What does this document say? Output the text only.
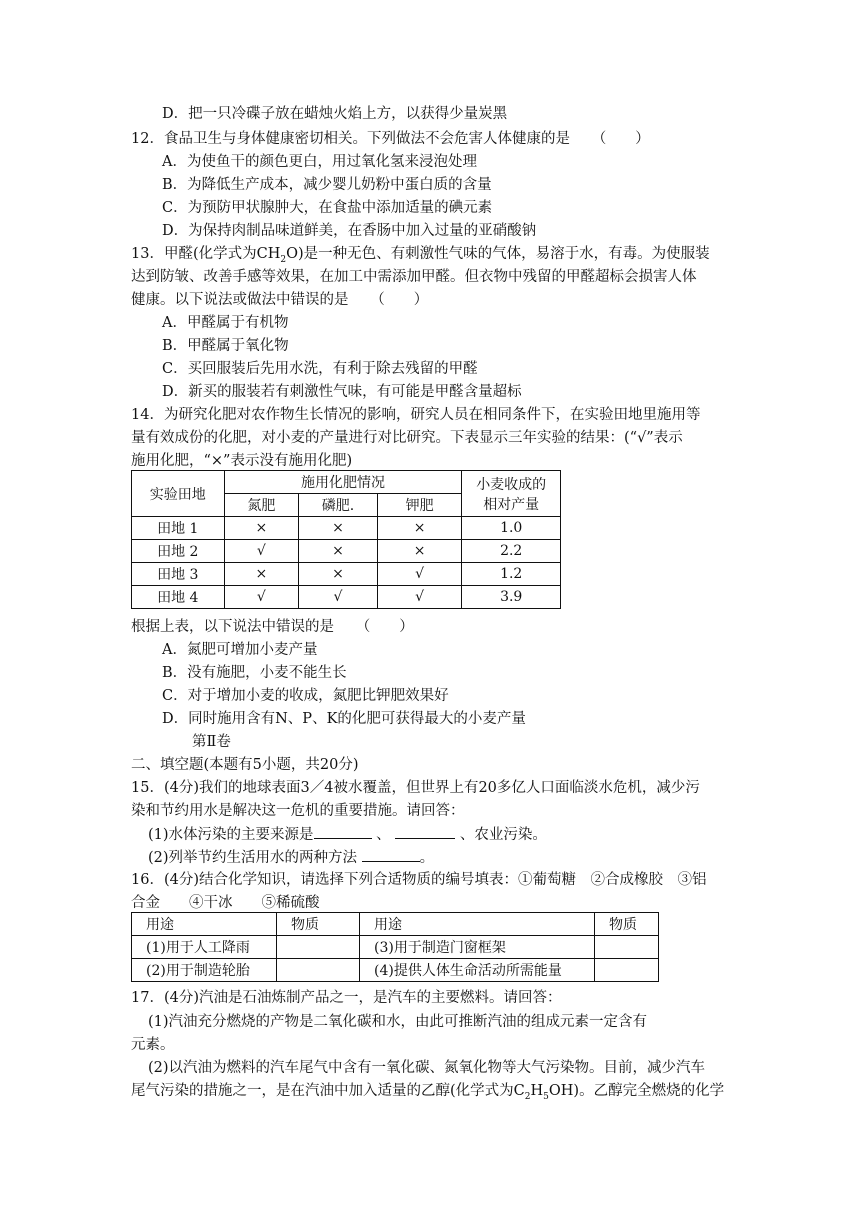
D．把一只冷碟子放在蜡烛火焰上方，以获得少量炭黑
12．食品卫生与身体健康密切相关。下列做法不会危害人体健康的是　　（　　）
A．为使鱼干的颜色更白，用过氧化氢来浸泡处理
B．为降低生产成本，减少婴儿奶粉中蛋白质的含量
C．为预防甲状腺肿大，在食盐中添加适量的碘元素
D．为保持肉制品味道鲜美，在香肠中加入过量的亚硝酸钠
13．甲醛(化学式为$CH_2O$)是一种无色、有刺激性气味的气体，易溶于水，有毒。为使服装
达到防皱、改善手感等效果，在加工中需添加甲醛。但衣物中残留的甲醛超标会损害人体
健康。以下说法或做法中错误的是　　（　　）
A．甲醛属于有机物
B．甲醛属于氧化物
C．买回服装后先用水洗，有利于除去残留的甲醛
D．新买的服装若有刺激性气味，有可能是甲醛含量超标
14．为研究化肥对农作物生长情况的影响，研究人员在相同条件下，在实验田地里施用等
量有效成份的化肥，对小麦的产量进行对比研究。下表显示三年实验的结果：(“√”表示
施用化肥，“×”表示没有施用化肥)
实验田地	施用化肥情况			小麦收成的
相对产量

	氮肥	磷肥.	钾肥	
田地 1	×	×	×	1.0
田地 2	√	×	×	2.2
田地 3	×	×	√	1.2
田地 4	√	√	√	3.9
根据上表，以下说法中错误的是　　（　　）
A．氮肥可增加小麦产量
B．没有施肥，小麦不能生长
C．对于增加小麦的收成，氮肥比钾肥效果好
D．同时施用含有N、P、K的化肥可获得最大的小麦产量
第Ⅱ卷
二、填空题(本题有5小题，共20分)
15．(4分)我们的地球表面3／4被水覆盖，但世界上有20多亿人口面临淡水危机，减少污
染和节约用水是解决这一危机的重要措施。请回答：
(1)水体污染的主要来源是	、	、农业污染。
(2)列举节约生活用水的两种方法	。
16．(4分)结合化学知识，请选择下列合适物质的编号填表：①葡萄糖　②合成橡胶　③铝
合金　　④干冰　　⑤稀硫酸
用途	物质	用途	物质
(1)用于人工降雨		(3)用于制造门窗框架	
(2)用于制造轮胎		(4)提供人体生命活动所需能量	
17．(4分)汽油是石油炼制产品之一，是汽车的主要燃料。请回答：
(1)汽油充分燃烧的产物是二氧化碳和水，由此可推断汽油的组成元素一定含有
元素。
(2)以汽油为燃料的汽车尾气中含有一氧化碳、氮氧化物等大气污染物。目前，减少汽车
尾气污染的措施之一，是在汽油中加入适量的乙醇(化学式为$C_2H_5OH$)。乙醇完全燃烧的化学
